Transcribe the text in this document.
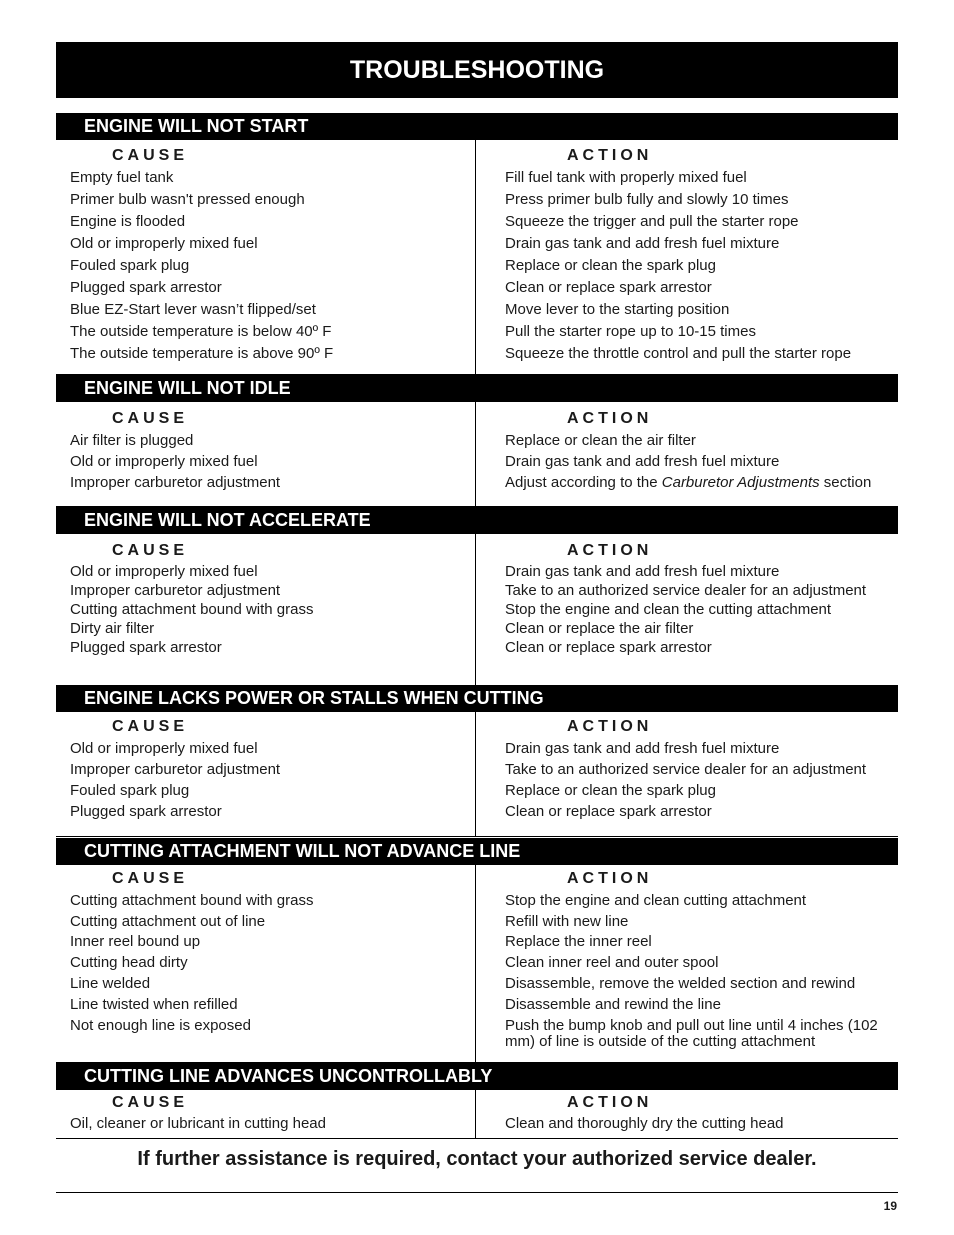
TROUBLESHOOTING
ENGINE WILL NOT START
CAUSE
Empty fuel tank
Primer bulb wasn't pressed enough
Engine is flooded
Old or improperly mixed fuel
Fouled spark plug
Plugged spark arrestor
Blue EZ-Start lever wasn’t flipped/set
The outside temperature is below 40º F
The outside temperature is above 90º F
ACTION
Fill fuel tank with properly mixed fuel
Press primer bulb fully and slowly 10 times
Squeeze the trigger and pull the starter rope
Drain gas tank and add fresh fuel mixture
Replace or clean the spark plug
Clean or replace spark arrestor
Move lever to the starting position
Pull the starter rope up to 10-15 times
Squeeze the throttle control and pull the starter rope
ENGINE WILL NOT IDLE
CAUSE
Air filter is plugged
Old or improperly mixed fuel
Improper carburetor adjustment
ACTION
Replace or clean the air filter
Drain gas tank and add fresh fuel mixture
Adjust according to the Carburetor Adjustments section
ENGINE WILL NOT ACCELERATE
CAUSE
Old or improperly mixed fuel
Improper carburetor adjustment
Cutting attachment bound with grass
Dirty air filter
Plugged spark arrestor
ACTION
Drain gas tank and add fresh fuel mixture
Take to an authorized service dealer for an adjustment
Stop the engine and clean the cutting attachment
Clean or replace the air filter
Clean or replace spark arrestor
ENGINE LACKS POWER OR STALLS WHEN CUTTING
CAUSE
Old or improperly mixed fuel
Improper carburetor adjustment
Fouled spark plug
Plugged spark arrestor
ACTION
Drain gas tank and add fresh fuel mixture
Take to an authorized service dealer for an adjustment
Replace or clean the spark plug
Clean or replace spark arrestor
CUTTING ATTACHMENT WILL NOT ADVANCE LINE
CAUSE
Cutting attachment bound with grass
Cutting attachment out of line
Inner reel bound up
Cutting head dirty
Line welded
Line twisted when refilled
Not enough line is exposed
ACTION
Stop the engine and clean cutting attachment
Refill with new line
Replace the inner reel
Clean inner reel and outer spool
Disassemble, remove the welded section and rewind
Disassemble and rewind the line
Push the bump knob and pull out line until 4 inches (102 mm) of line is outside of the cutting attachment
CUTTING LINE ADVANCES UNCONTROLLABLY
CAUSE
Oil, cleaner or lubricant in cutting head
ACTION
Clean and thoroughly dry the cutting head
If further assistance is required, contact your authorized service dealer.
19
